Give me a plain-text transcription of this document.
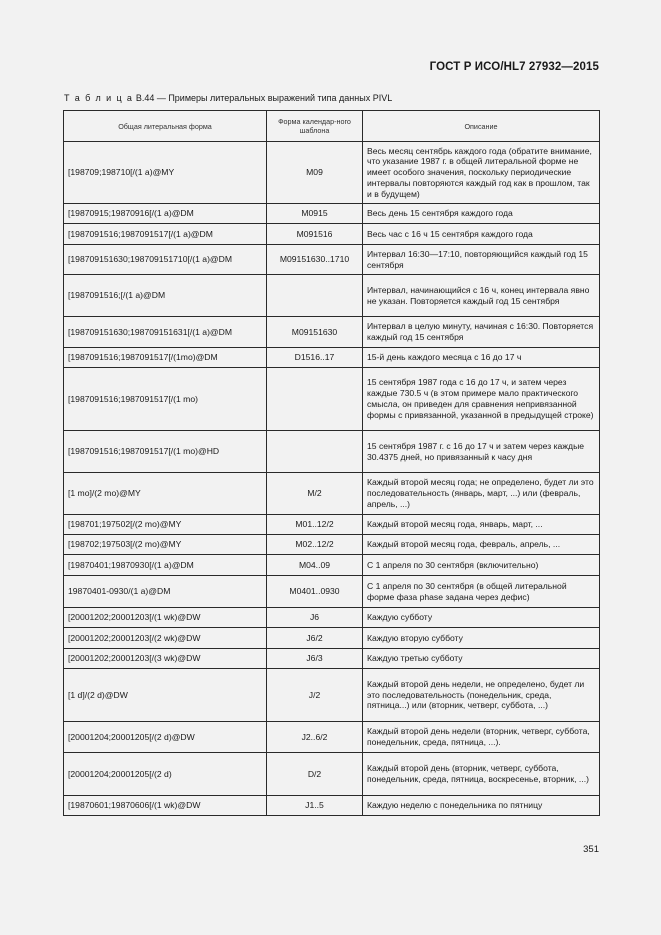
ГОСТ Р ИСО/HL7 27932—2015
Т а б л и ц а В.44 — Примеры литеральных выражений типа данных PIVL
Общая литеральная форма	Форма календар-ного шаблона	Описание
[198709;198710[/(1 a)@MY	M09	Весь месяц сентябрь каждого года (обратите внимание, что указание 1987 г. в общей литеральной форме не имеет особого значения, поскольку периодические интервалы повторяются каждый год как в прошлом, так и в будущем)
[19870915;19870916[/(1 a)@DM	M0915	Весь день 15 сентября каждого года
[1987091516;1987091517[/(1 a)@DM	M091516	Весь час с 16 ч 15 сентября каждого года
[198709151630;198709151710[/(1 a)@DM	M09151630..1710	Интервал 16:30—17:10, повторяющийся каждый год 15 сентября
[1987091516;[/(1 a)@DM		Интервал, начинающийся с 16 ч, конец интервала явно не указан. Повторяется каждый год 15 сентября
[198709151630;198709151631[/(1 a)@DM	M09151630	Интервал в целую минуту, начиная с 16:30. Повторяется каждый год 15 сентября
[1987091516;1987091517[/(1mo)@DM	D1516..17	15-й день каждого месяца с 16 до 17 ч
[1987091516;1987091517[/(1 mo)		15 сентября 1987 года с 16 до 17 ч, и затем через каждые 730.5 ч (в этом примере мало практического смысла, он приведен для сравнения непривязанной формы с привязанной, указанной в предыдущей строке)
[1987091516;1987091517[/(1 mo)@HD		15 сентября 1987 г. с 16 до 17 ч и затем через каждые 30.4375 дней, но привязанный к часу дня
[1 mo]/(2 mo)@MY	M/2	Каждый второй месяц года; не определено, будет ли это последовательность (январь, март, ...) или (февраль, апрель, ...)
[198701;197502[/(2 mo)@MY	M01..12/2	Каждый второй месяц года, январь, март, ...
[198702;197503[/(2 mo)@MY	M02..12/2	Каждый второй месяц года, февраль, апрель, ...
[19870401;19870930[/(1 a)@DM	M04..09	С 1 апреля по 30 сентября (включительно)
19870401-0930/(1 a)@DM	M0401..0930	С 1 апреля по 30 сентября (в общей литеральной форме фаза phase задана через дефис)
[20001202;20001203[/(1 wk)@DW	J6	Каждую субботу
[20001202;20001203[/(2 wk)@DW	J6/2	Каждую вторую субботу
[20001202;20001203[/(3 wk)@DW	J6/3	Каждую третью субботу
[1 d]/(2 d)@DW	J/2	Каждый второй день недели, не определено, будет ли это последовательность (понедельник, среда, пятница...) или (вторник, четверг, суббота, ...)
[20001204;20001205[/(2 d)@DW	J2..6/2	Каждый второй день недели (вторник, четверг, суббота, понедельник, среда, пятница, ...).
[20001204;20001205[/(2 d)	D/2	Каждый второй день (вторник, четверг, суббота, понедельник, среда, пятница, воскресенье, вторник, ...)
[19870601;19870606[/(1 wk)@DW	J1..5	Каждую неделю с понедельника по пятницу
351
